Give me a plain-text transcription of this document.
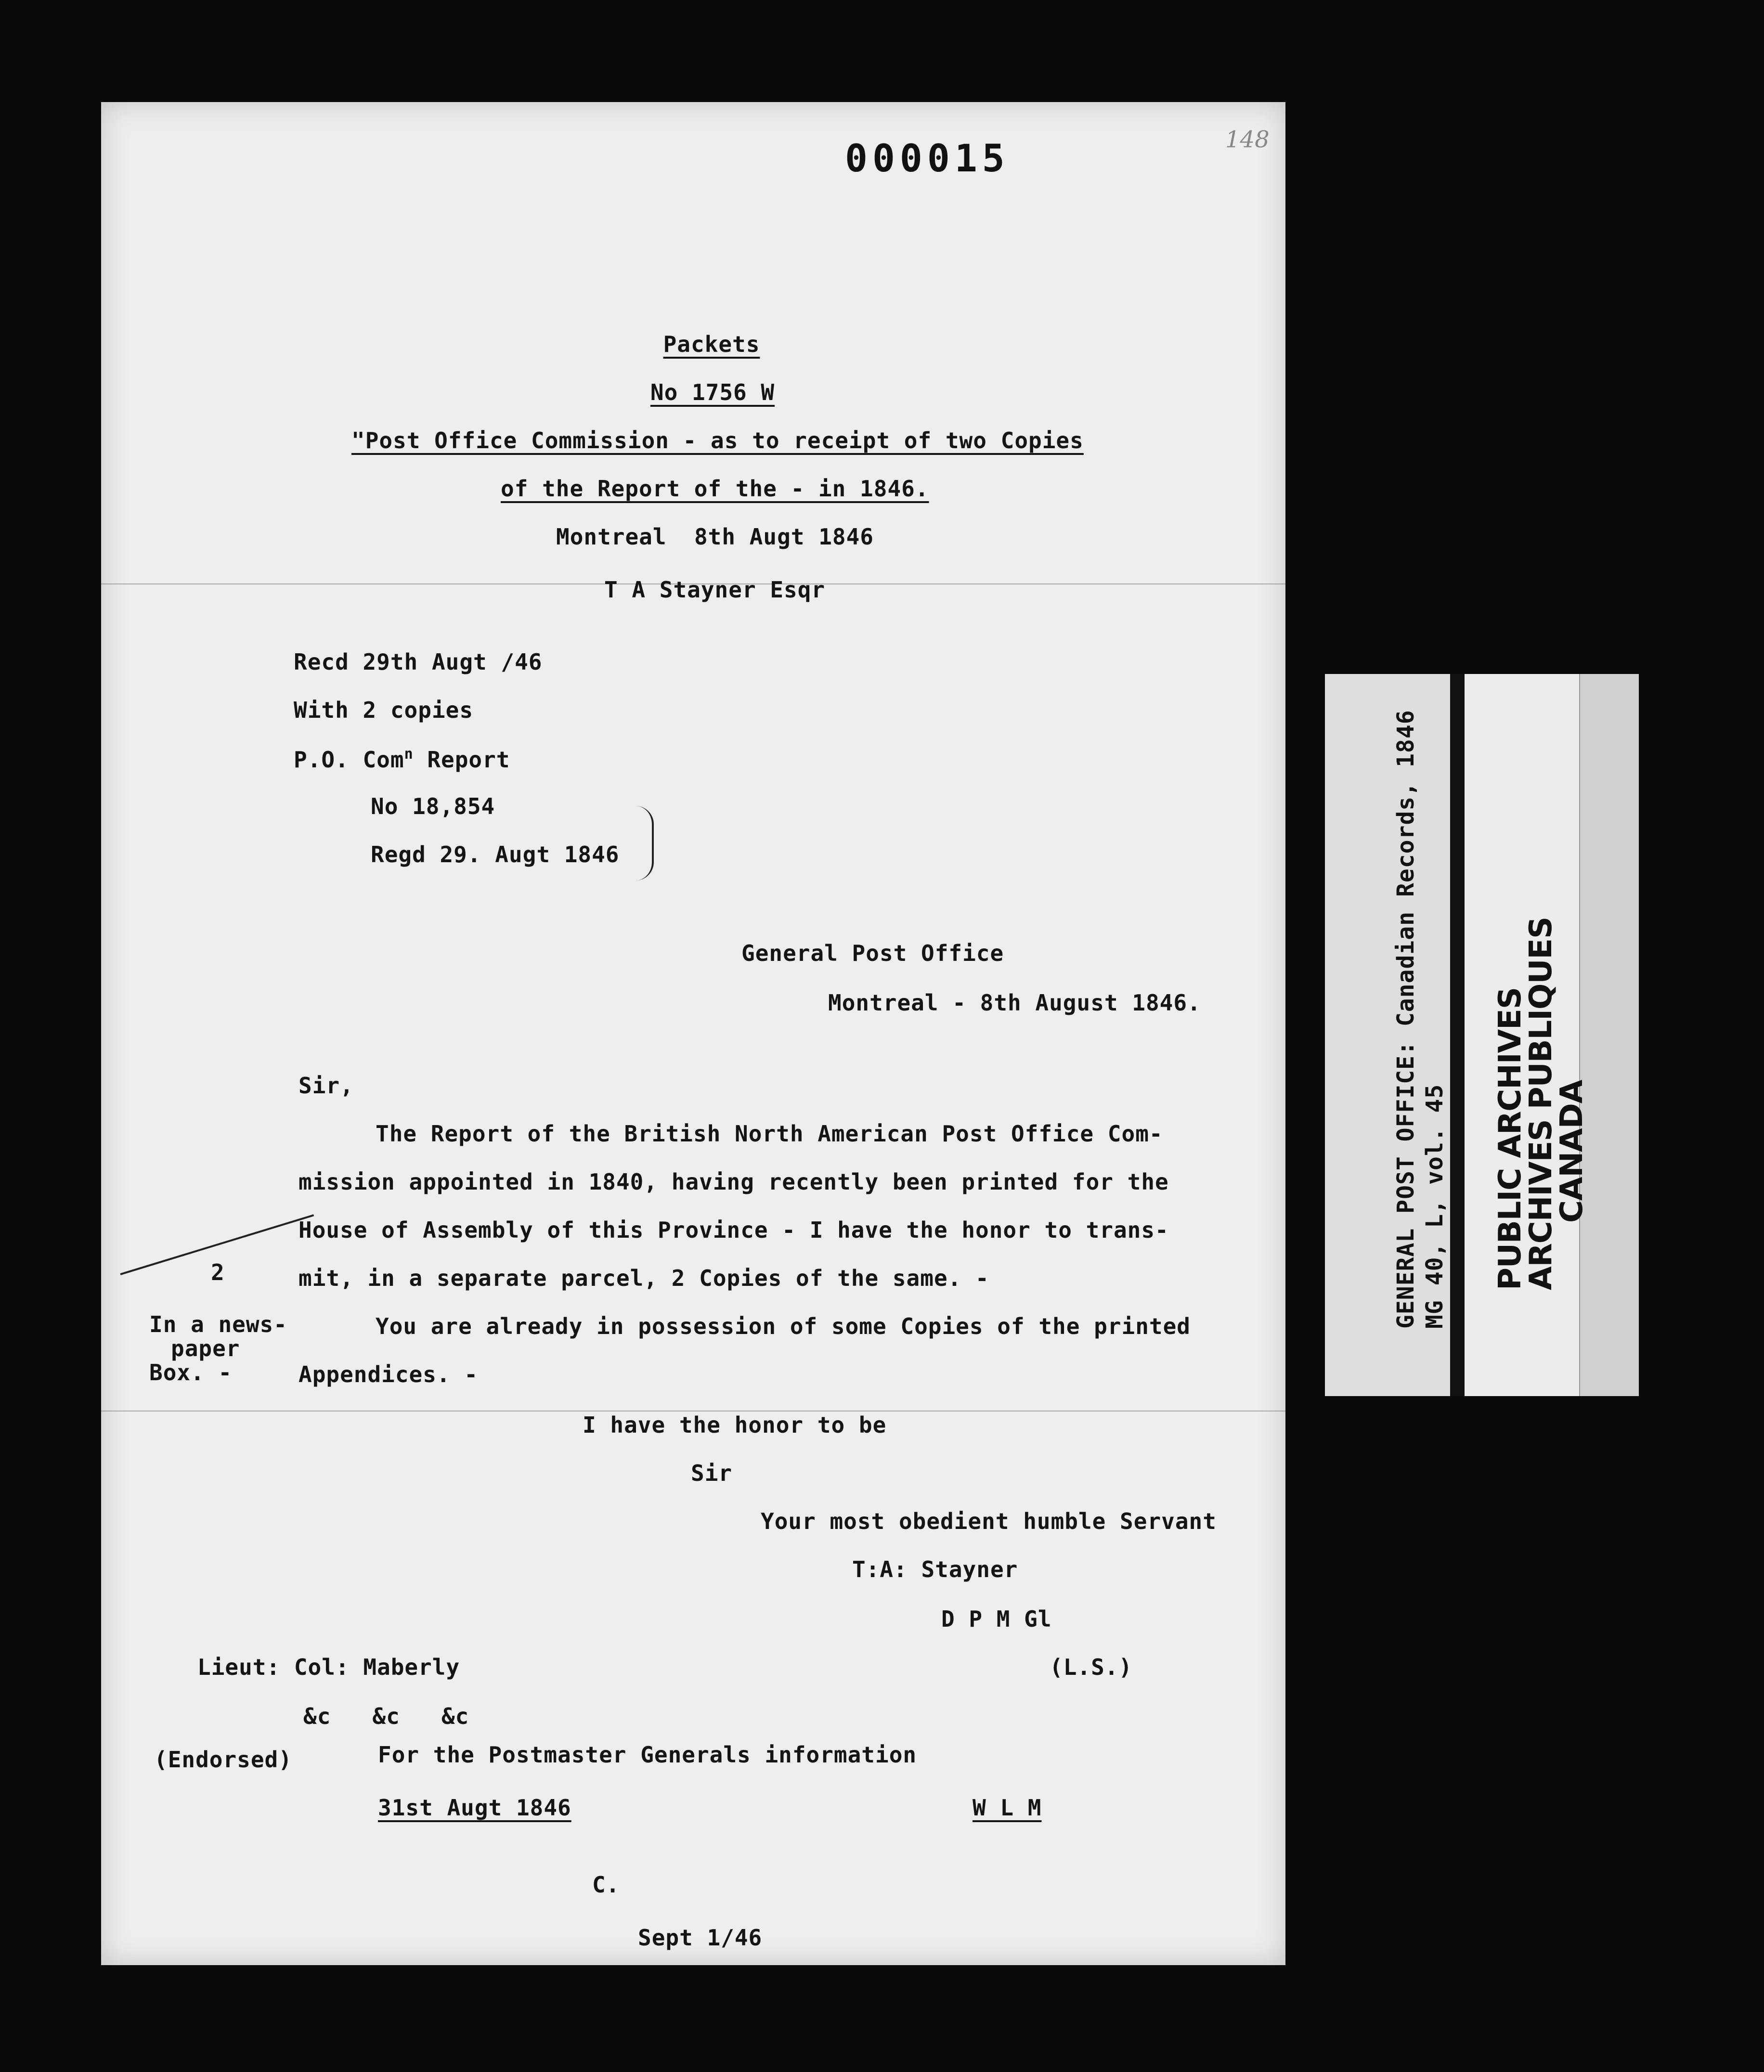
Packets
No 1756 W
"Post Office Commission - as to receipt of two Copies
of the Report of the - in 1846.
Montreal  8th Augt 1846
T A Stayner Esqr
Recd 29th Augt /46
With 2 copies
P.O. Com$^n$ Report
No 18,854
Regd 29. Augt 1846
General Post Office
Montreal - 8th August 1846.
Sir,
The Report of the British North American Post Office Com-
mission appointed in 1840, having recently been printed for the
House of Assembly of this Province - I have the honor to trans-
mit, in a separate parcel, 2 Copies of the same. -
You are already in possession of some Copies of the printed
Appendices. -
I have the honor to be
Sir
Your most obedient humble Servant
T:A: Stayner
D P M Gl
(L.S.)
Lieut: Col: Maberly
&c   &c   &c
(Endorsed)	For the Postmaster Generals information
31st Augt 1846	W L M
C.
Sept 1/46
2
In a news-
paper
Box. -
000015	148
GENERAL POST OFFICE: Canadian Records, 1846 MG 40, L, vol. 45 PUBLIC ARCHIVES
ARCHIVES PUBLIQUES
CANADA
